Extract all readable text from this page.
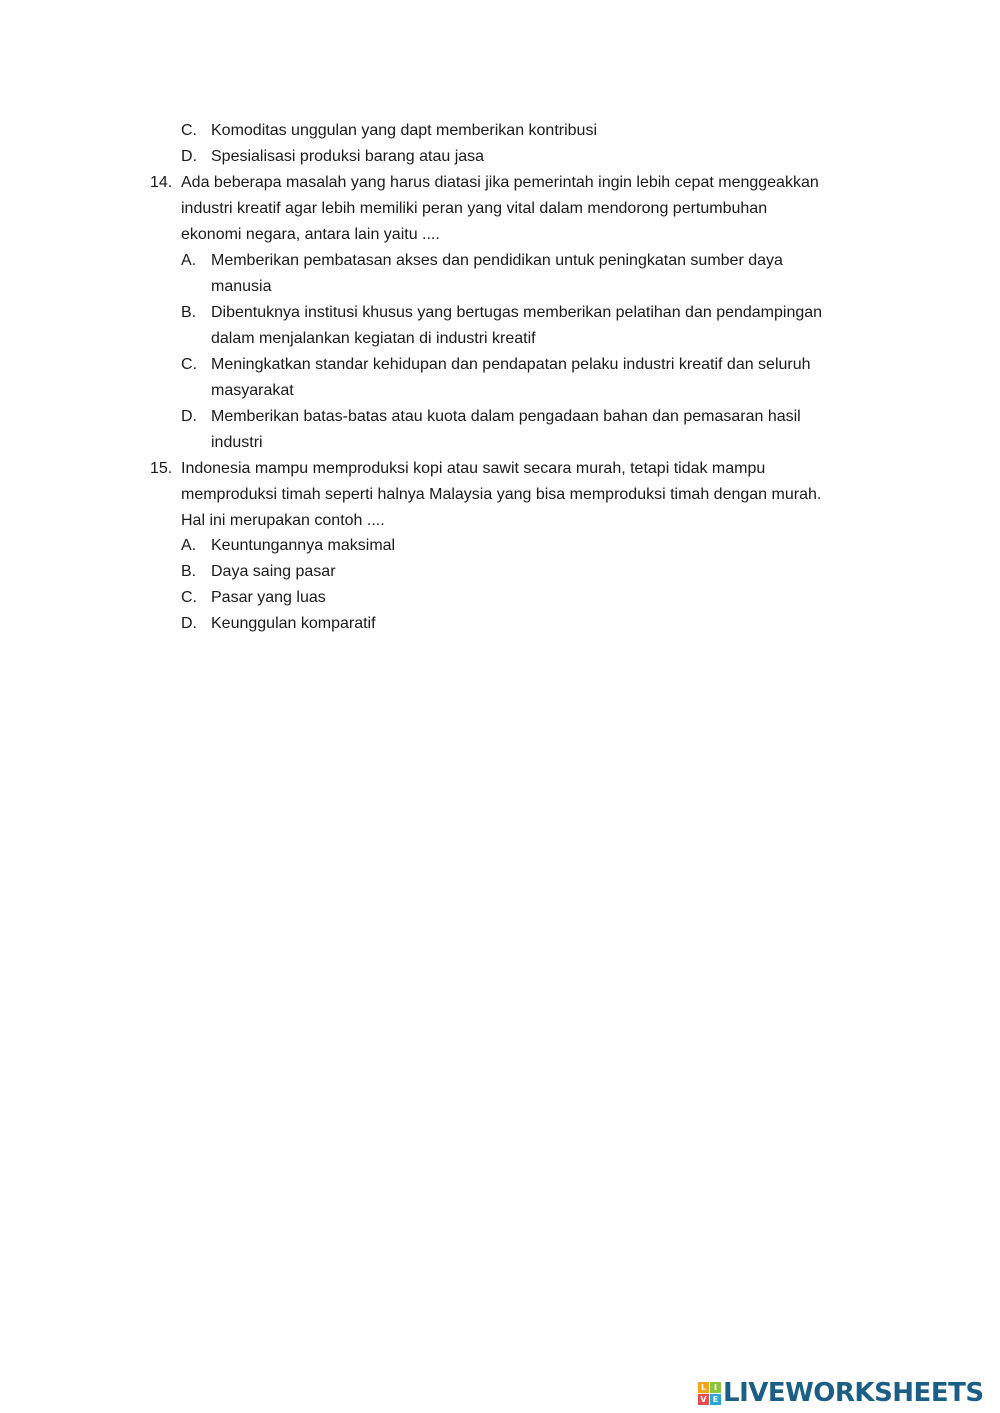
C. Komoditas unggulan yang dapt memberikan kontribusi
D. Spesialisasi produksi barang atau jasa
14. Ada beberapa masalah yang harus diatasi jika pemerintah ingin lebih cepat menggeakkan
industri kreatif agar lebih memiliki peran yang vital dalam mendorong pertumbuhan
ekonomi negara, antara lain yaitu ....
A. Memberikan pembatasan akses dan pendidikan untuk peningkatan sumber daya
manusia
B. Dibentuknya institusi khusus yang bertugas memberikan pelatihan dan pendampingan
dalam menjalankan kegiatan di industri kreatif
C. Meningkatkan standar kehidupan dan pendapatan pelaku industri kreatif dan seluruh
masyarakat
D. Memberikan batas-batas atau kuota dalam pengadaan bahan dan pemasaran hasil
industri
15. Indonesia mampu memproduksi kopi atau sawit secara murah, tetapi tidak mampu
memproduksi timah seperti halnya Malaysia yang bisa memproduksi timah dengan murah.
Hal ini merupakan contoh ....
A. Keuntungannya maksimal
B. Daya saing pasar
C. Pasar yang luas
D. Keunggulan komparatif
L I
V E LIVEWORKSHEETS
